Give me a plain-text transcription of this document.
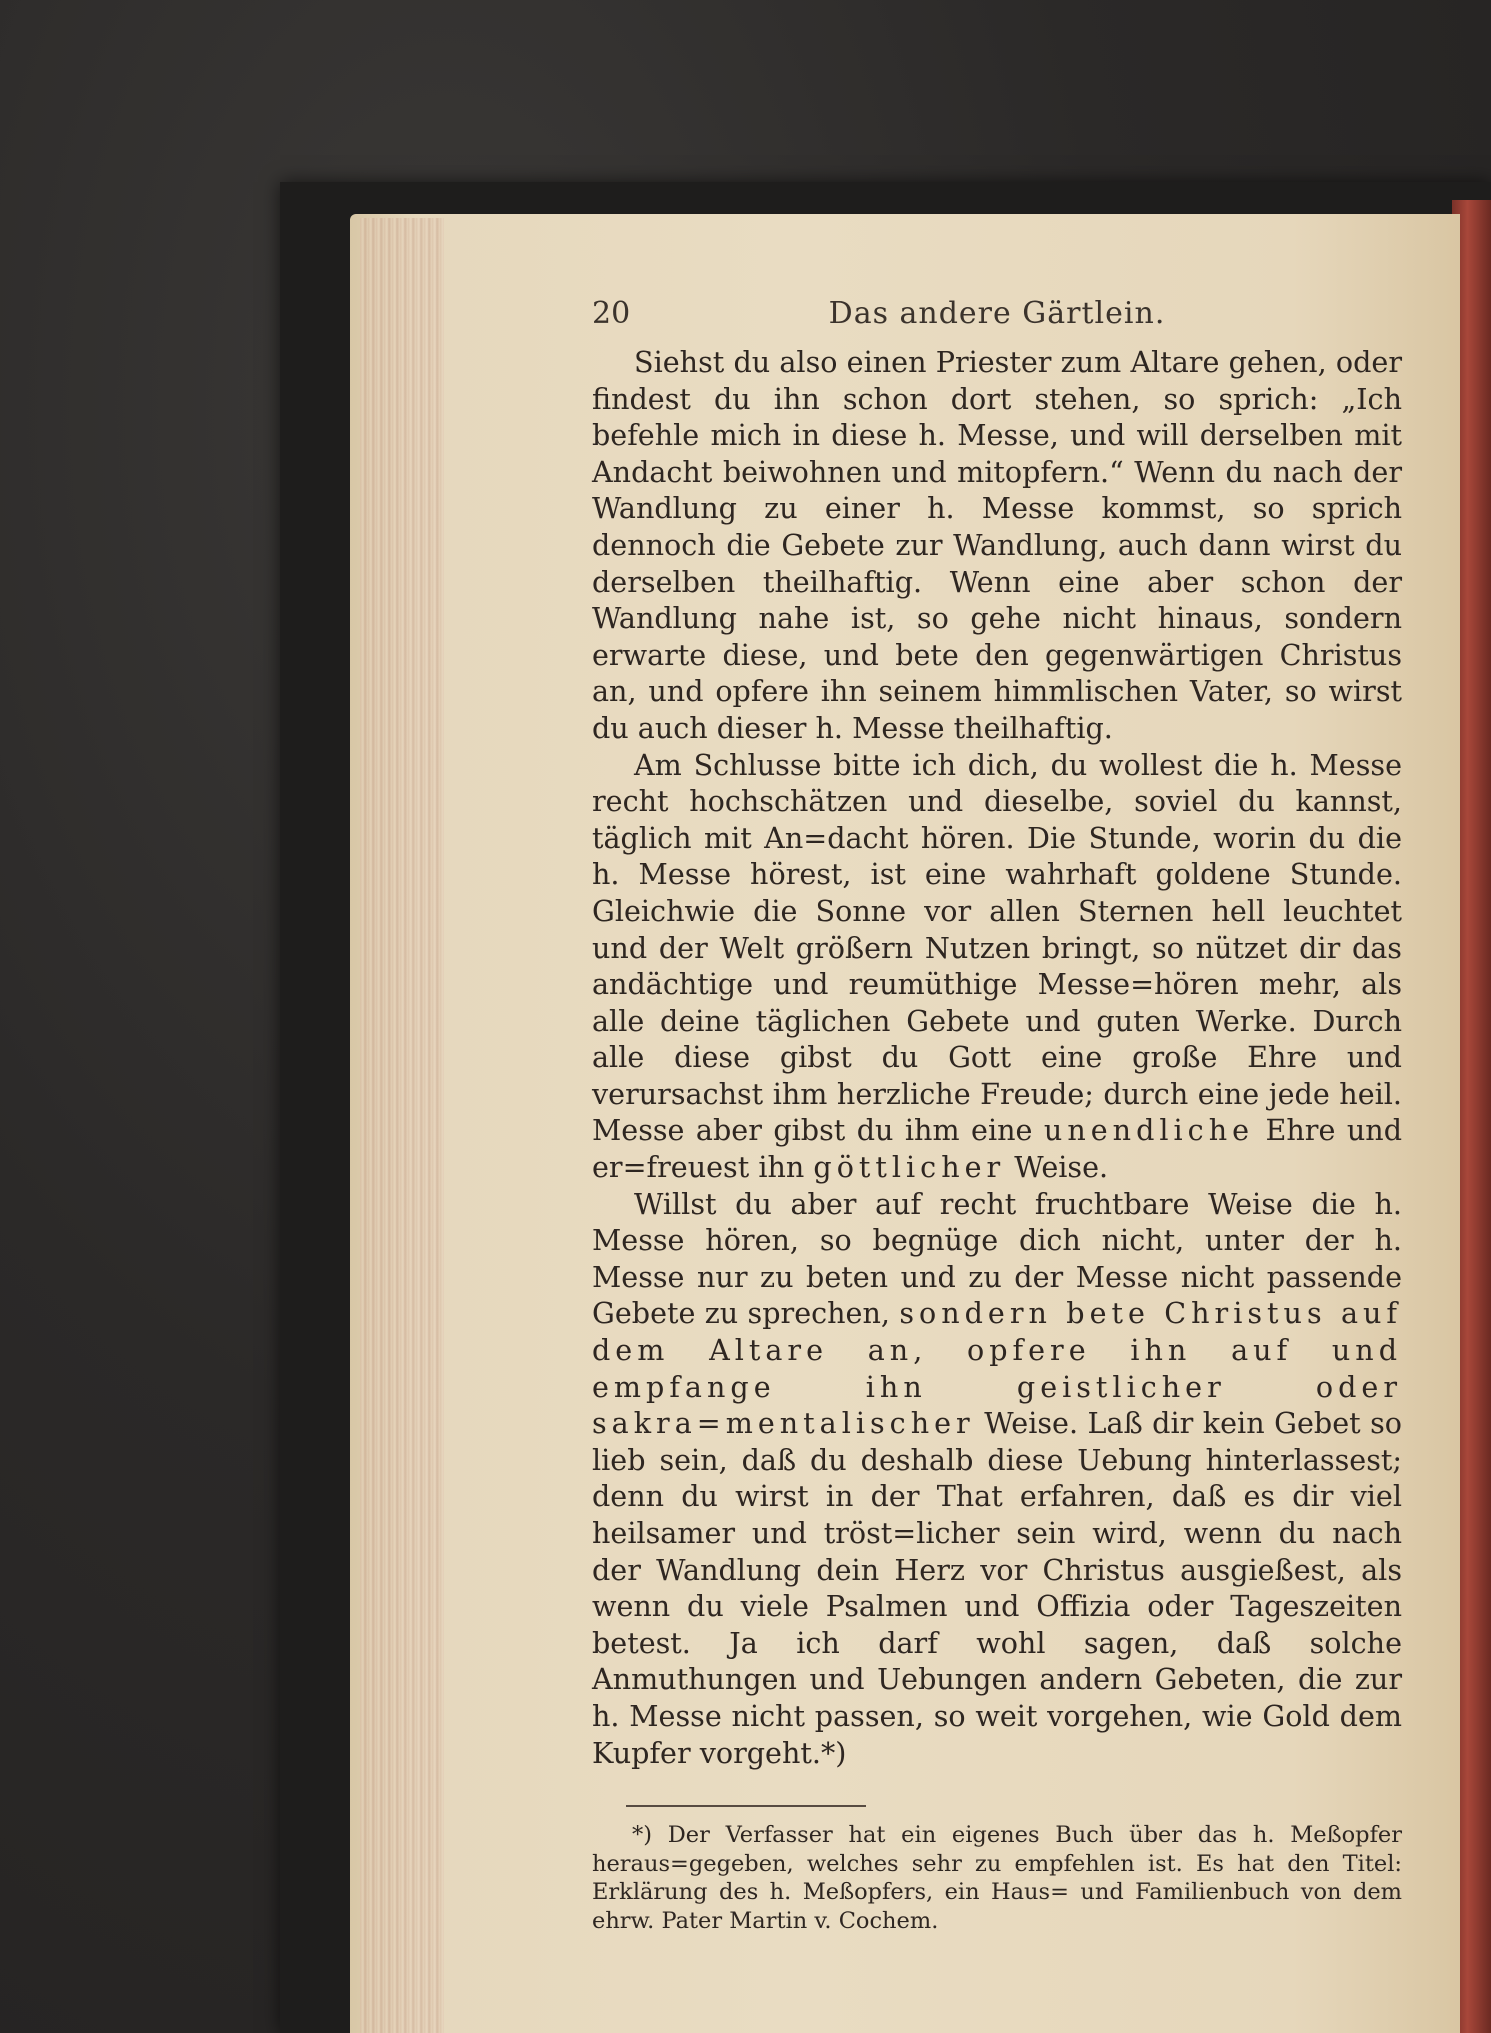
20	Das andere Gärtlein.

Siehst du also einen Priester zum Altare gehen, oder findest du ihn schon dort stehen, so sprich: „Ich befehle mich in diese h. Messe, und will derselben mit Andacht beiwohnen und mitopfern.“ Wenn du nach der Wandlung zu einer h. Messe kommst, so sprich dennoch die Gebete zur Wandlung, auch dann wirst du derselben theilhaftig. Wenn eine aber schon der Wandlung nahe ist, so gehe nicht hinaus, sondern erwarte diese, und bete den gegenwärtigen Christus an, und opfere ihn seinem himmlischen Vater, so wirst du auch dieser h. Messe theilhaftig.

Am Schlusse bitte ich dich, du wollest die h. Messe recht hochschätzen und dieselbe, soviel du kannst, täglich mit An=dacht hören. Die Stunde, worin du die h. Messe hörest, ist eine wahrhaft goldene Stunde. Gleichwie die Sonne vor allen Sternen hell leuchtet und der Welt größern Nutzen bringt, so nützet dir das andächtige und reumüthige Messe=hören mehr, als alle deine täglichen Gebete und guten Werke. Durch alle diese gibst du Gott eine große Ehre und verursachst ihm herzliche Freude; durch eine jede heil. Messe aber gibst du ihm eine unendliche Ehre und er=freuest ihn göttlicher Weise.

Willst du aber auf recht fruchtbare Weise die h. Messe hören, so begnüge dich nicht, unter der h. Messe nur zu beten und zu der Messe nicht passende Gebete zu sprechen, sondern bete Christus auf dem Altare an, opfere ihn auf und empfange ihn geistlicher oder sakra=mentalischer Weise. Laß dir kein Gebet so lieb sein, daß du deshalb diese Uebung hinterlassest; denn du wirst in der That erfahren, daß es dir viel heilsamer und tröst=licher sein wird, wenn du nach der Wandlung dein Herz vor Christus ausgießest, als wenn du viele Psalmen und Offizia oder Tageszeiten betest. Ja ich darf wohl sagen, daß solche Anmuthungen und Uebungen andern Gebeten, die zur h. Messe nicht passen, so weit vorgehen, wie Gold dem Kupfer vorgeht.*)

*) Der Verfasser hat ein eigenes Buch über das h. Meßopfer heraus=gegeben, welches sehr zu empfehlen ist. Es hat den Titel: Erklärung des h. Meßopfers, ein Haus= und Familienbuch von dem ehrw. Pater Martin v. Cochem.
